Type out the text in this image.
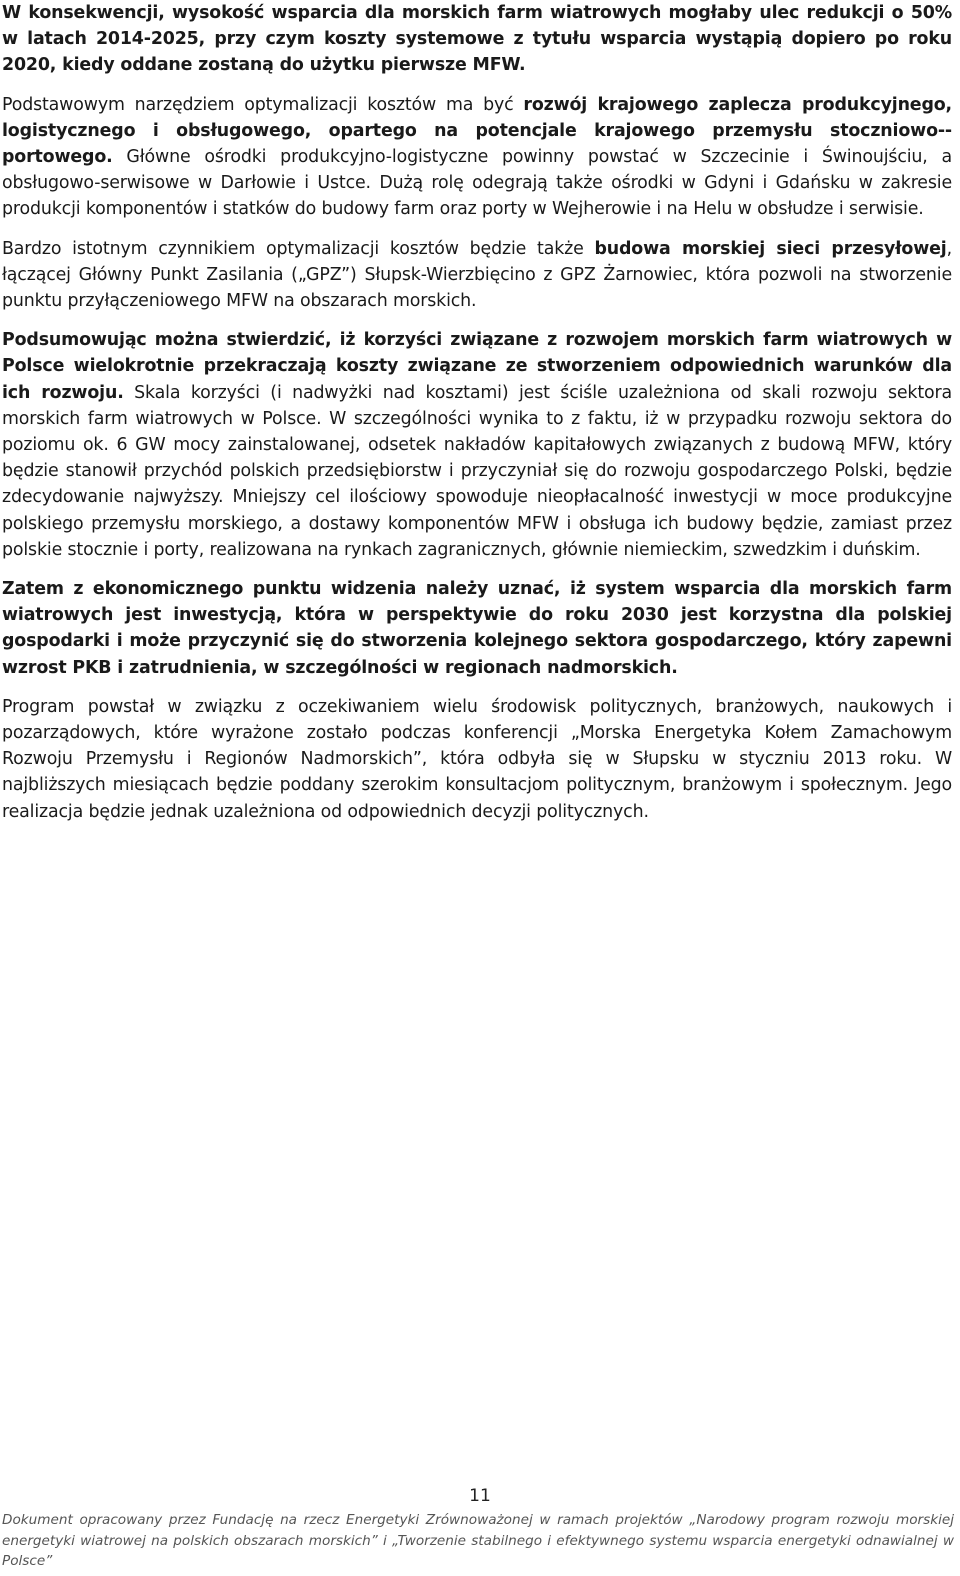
W konsekwencji, wysokość wsparcia dla morskich farm wiatrowych mogłaby ulec redukcji o 50% w latach 2014-2025, przy czym koszty systemowe z tytułu wsparcia wystąpią dopiero po roku 2020, kiedy oddane zostaną do użytku pierwsze MFW.

Podstawowym narzędziem optymalizacji kosztów ma być rozwój krajowego zaplecza produkcyjnego, logistycznego i obsługowego, opartego na potencjale krajowego przemysłu stoczniowo--portowego. Główne ośrodki produkcyjno-logistyczne powinny powstać w Szczecinie i Świnoujściu, a obsługowo-serwisowe w Darłowie i Ustce. Dużą rolę odegrają także ośrodki w Gdyni i Gdańsku w zakresie produkcji komponentów i statków do budowy farm oraz porty w Wejherowie i na Helu w obsłudze i serwisie.

Bardzo istotnym czynnikiem optymalizacji kosztów będzie także budowa morskiej sieci przesyłowej, łączącej Główny Punkt Zasilania („GPZ”) Słupsk-Wierzbięcino z GPZ Żarnowiec, która pozwoli na stworzenie punktu przyłączeniowego MFW na obszarach morskich.

Podsumowując można stwierdzić, iż korzyści związane z rozwojem morskich farm wiatrowych w Polsce wielokrotnie przekraczają koszty związane ze stworzeniem odpowiednich warunków dla ich rozwoju. Skala korzyści (i nadwyżki nad kosztami) jest ściśle uzależniona od skali rozwoju sektora morskich farm wiatrowych w Polsce. W szczególności wynika to z faktu, iż w przypadku rozwoju sektora do poziomu ok. 6 GW mocy zainstalowanej, odsetek nakładów kapitałowych związanych z budową MFW, który będzie stanowił przychód polskich przedsiębiorstw i przyczyniał się do rozwoju gospodarczego Polski, będzie zdecydowanie najwyższy. Mniejszy cel ilościowy spowoduje nieopłacalność inwestycji w moce produkcyjne polskiego przemysłu morskiego, a dostawy komponentów MFW i obsługa ich budowy będzie, zamiast przez polskie stocznie i porty, realizowana na rynkach zagranicznych, głównie niemieckim, szwedzkim i duńskim.

Zatem z ekonomicznego punktu widzenia należy uznać, iż system wsparcia dla morskich farm wiatrowych jest inwestycją, która w perspektywie do roku 2030 jest korzystna dla polskiej gospodarki i może przyczynić się do stworzenia kolejnego sektora gospodarczego, który zapewni wzrost PKB i zatrudnienia, w szczególności w regionach nadmorskich.

Program powstał w związku z oczekiwaniem wielu środowisk politycznych, branżowych, naukowych i pozarządowych, które wyrażone zostało podczas konferencji „Morska Energetyka Kołem Zamachowym Rozwoju Przemysłu i Regionów Nadmorskich”, która odbyła się w Słupsku w styczniu 2013 roku. W najbliższych miesiącach będzie poddany szerokim konsultacjom politycznym, branżowym i społecznym. Jego realizacja będzie jednak uzależniona od odpowiednich decyzji politycznych.

11
Dokument opracowany przez Fundację na rzecz Energetyki Zrównoważonej w ramach projektów „Narodowy program rozwoju morskiej energetyki wiatrowej na polskich obszarach morskich” i „Tworzenie stabilnego i efektywnego systemu wsparcia energetyki odnawialnej w Polsce”
